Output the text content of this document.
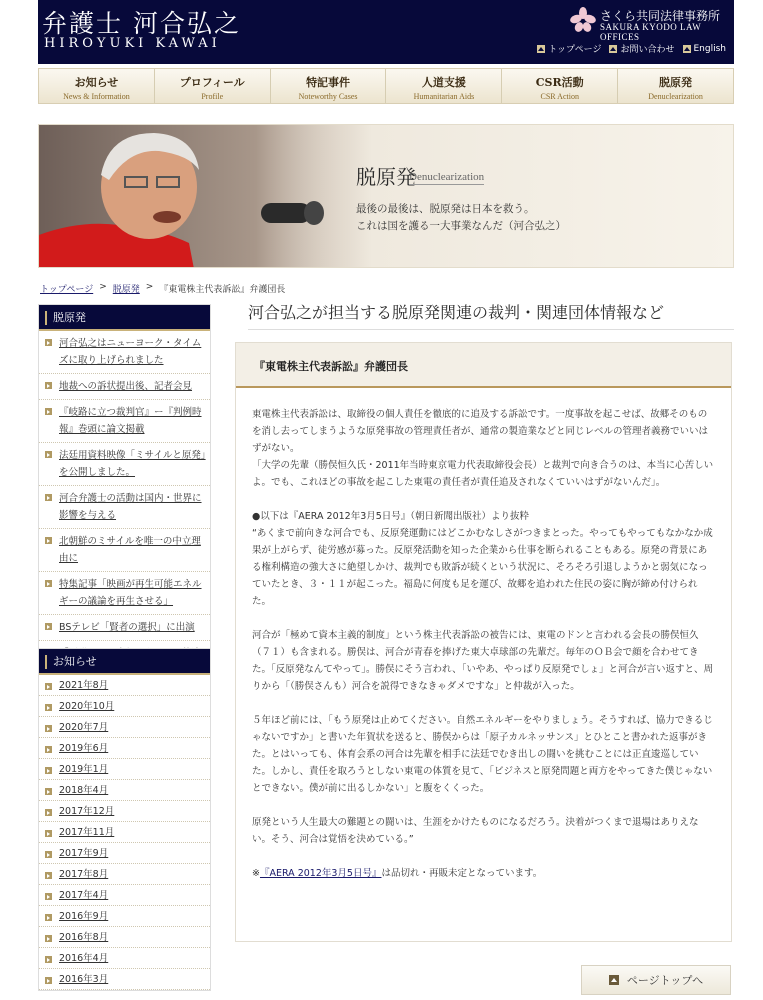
弁護士 河合弘之
HIROYUKI KAWAI
さくら共同法律事務所
SAKURA KYODO LAW OFFICES
トップページ お問い合わせ English
お知らせ
News & Information
プロフィール
Profile
特記事件
Noteworthy Cases
人道支援
Humanitarian Aids
CSR活動
CSR Action
脱原発
Denuclearization
脱原発
Denuclearization
最後の最後は、脱原発は日本を救う。
これは国を護る一大事業なんだ（河合弘之）
トップページ > 脱原発 > 『東電株主代表訴訟』弁護団長
脱原発
河合弘之はニューヨーク・タイムズに取り上げられました
地裁への訴状提出後、記者会見
『岐路に立つ裁判官』ー『判例時報』巻頭に論文掲載
法廷用資料映像「ミサイルと原発」を公開しました。
河合弁護士の活動は国内・世界に影響を与える
北朝鮮のミサイルを唯一の中立理由に
特集記事「映画が再生可能エネルギーの議論を再生させる」
BSテレビ「賢者の選択」に出演
お知らせ
2021年8月
2020年10月
2020年7月
2019年6月
2019年1月
2018年4月
2017年12月
2017年11月
2017年9月
2017年8月
2017年4月
2016年9月
2016年8月
2016年4月
2016年3月
河合弘之が担当する脱原発関連の裁判・関連団体情報など
『東電株主代表訴訟』弁護団長

東電株主代表訴訟は、取締役の個人責任を徹底的に追及する訴訟です。一度事故を起こせば、故郷そのものを消し去ってしまうような原発事故の管理責任者が、通常の製造業などと同じレベルの管理者義務でいいはずがない。
「大学の先輩（勝俣恒久氏・2011年当時東京電力代表取締役会長）と裁判で向き合うのは、本当に心苦しいよ。でも、これほどの事故を起こした東電の責任者が責任追及されなくていいはずがないんだ」。

●以下は『AERA 2012年3月5日号』（朝日新聞出版社）より抜粋
“あくまで前向きな河合でも、反原発運動にはどこかむなしさがつきまとった。やってもやってもなかなか成果が上がらず、徒労感が募った。反原発活動を知った企業から仕事を断られることもある。原発の背景にある権利構造の強大さに絶望しかけ、裁判でも敗訴が続くという状況に、そろそろ引退しようかと弱気になっていたとき、３・１１が起こった。福島に何度も足を運び、故郷を追われた住民の姿に胸が締め付けられた。

河合が「極めて資本主義的制度」という株主代表訴訟の被告には、東電のドンと言われる会長の勝俣恒久（７１）も含まれる。勝俣は、河合が青春を捧げた東大卓球部の先輩だ。毎年のＯＢ会で顔を合わせてきた。「反原発なんてやって」。勝俣にそう言われ、「いやあ、やっぱり反原発でしょ」と河合が言い返すと、周りから「（勝俣さんも）河合を説得できなきゃダメですな」と仲裁が入った。

５年ほど前には、「もう原発は止めてください。自然エネルギーをやりましょう。そうすれば、協力できるじゃないですか」と書いた年賀状を送ると、勝俣からは「原子カルネッサンス」とひとこと書かれた返事がきた。とはいっても、体育会系の河合は先輩を相手に法廷でむき出しの闘いを挑むことには正直逡巡していた。しかし、責任を取ろうとしない東電の体質を見て、「ビジネスと原発問題と両方をやってきた僕じゃないとできない。僕が前に出るしかない」と腹をくくった。

原発という人生最大の難題との闘いは、生涯をかけたものになるだろう。決着がつくまで退場はありえない。そう、河合は覚悟を決めている。”

※『AERA 2012年3月5日号』は品切れ・再販未定となっています。

ページトップへ
